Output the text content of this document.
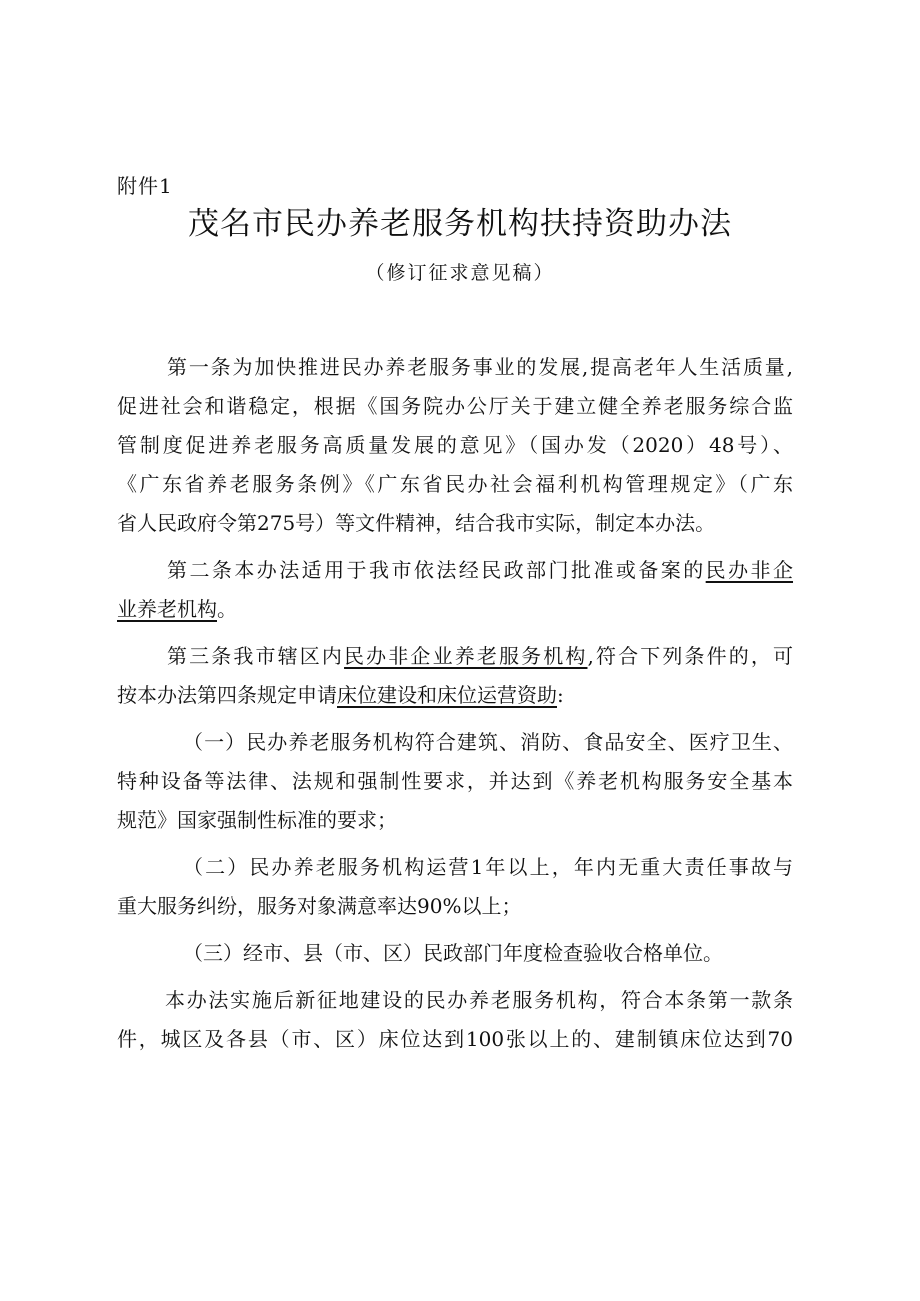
附件1
茂名市民办养老服务机构扶持资助办法
（修订征求意见稿）
第一条为加快推进民办养老服务事业的发展,提高老年人生活质量,
促进社会和谐稳定，根据《国务院办公厅关于建立健全养老服务综合监
管制度促进养老服务高质量发展的意见》（国办发（2020）48号）、
《广东省养老服务条例》《广东省民办社会福利机构管理规定》（广东
省人民政府令第275号）等文件精神，结合我市实际，制定本办法。
第二条本办法适用于我市依法经民政部门批准或备案的民办非企
业养老机构。
第三条我市辖区内民办非企业养老服务机构,符合下列条件的，可
按本办法第四条规定申请床位建设和床位运营资助:
（一）民办养老服务机构符合建筑、消防、食品安全、医疗卫生、
特种设备等法律、法规和强制性要求，并达到《养老机构服务安全基本
规范》国家强制性标准的要求；
（二）民办养老服务机构运营1年以上，年内无重大责任事故与
重大服务纠纷，服务对象满意率达90%以上；
（三）经市、县（市、区）民政部门年度检查验收合格单位。
本办法实施后新征地建设的民办养老服务机构，符合本条第一款条
件，城区及各县（市、区）床位达到100张以上的、建制镇床位达到70
